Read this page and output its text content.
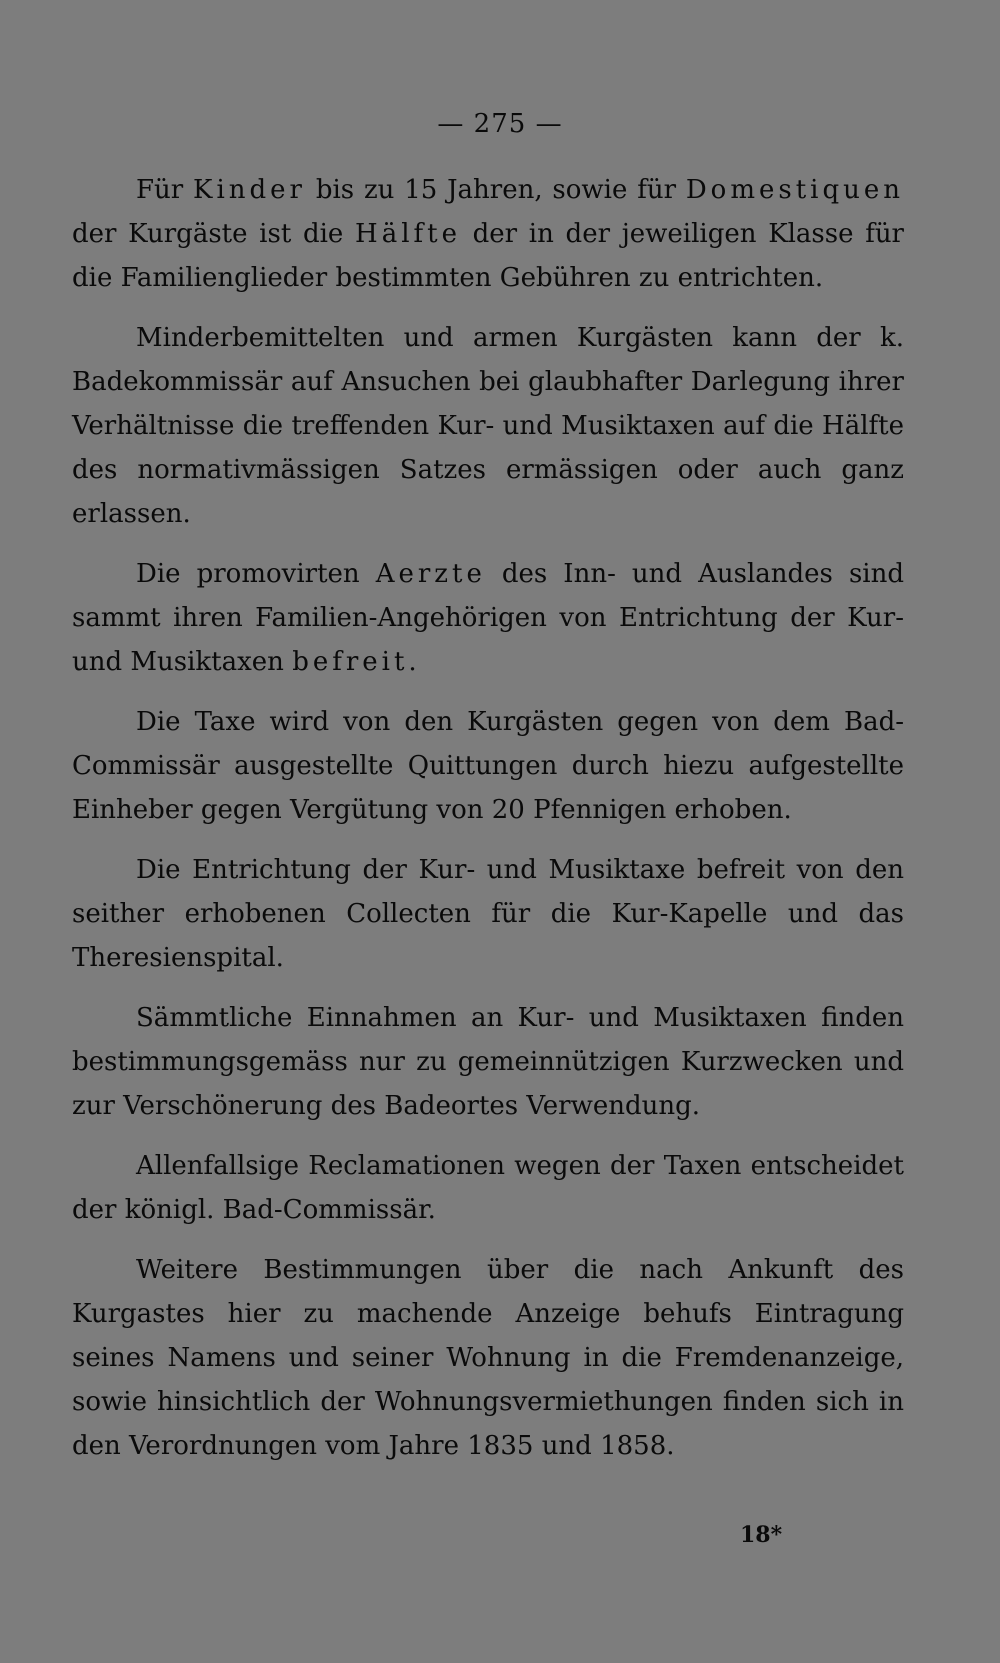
— 275 —

Für Kinder bis zu 15 Jahren, sowie für Domestiquen der Kurgäste ist die Hälfte der in der jeweiligen Klasse für die Familienglieder bestimmten Gebühren zu entrichten.

Minderbemittelten und armen Kurgästen kann der k. Badekommissär auf Ansuchen bei glaubhafter Darlegung ihrer Verhältnisse die treffenden Kur- und Musiktaxen auf die Hälfte des normativmässigen Satzes ermässigen oder auch ganz erlassen.

Die promovirten Aerzte des Inn- und Auslandes sind sammt ihren Familien-Angehörigen von Entrichtung der Kur- und Musiktaxen befreit.

Die Taxe wird von den Kurgästen gegen von dem Bad-Commissär ausgestellte Quittungen durch hiezu aufgestellte Einheber gegen Vergütung von 20 Pfennigen erhoben.

Die Entrichtung der Kur- und Musiktaxe befreit von den seither erhobenen Collecten für die Kur-Kapelle und das Theresienspital.

Sämmtliche Einnahmen an Kur- und Musiktaxen finden bestimmungsgemäss nur zu gemeinnützigen Kurzwecken und zur Verschönerung des Badeortes Verwendung.

Allenfallsige Reclamationen wegen der Taxen entscheidet der königl. Bad-Commissär.

Weitere Bestimmungen über die nach Ankunft des Kurgastes hier zu machende Anzeige behufs Eintragung seines Namens und seiner Wohnung in die Fremdenanzeige, sowie hinsichtlich der Wohnungsvermiethungen finden sich in den Verordnungen vom Jahre 1835 und 1858.

18*
